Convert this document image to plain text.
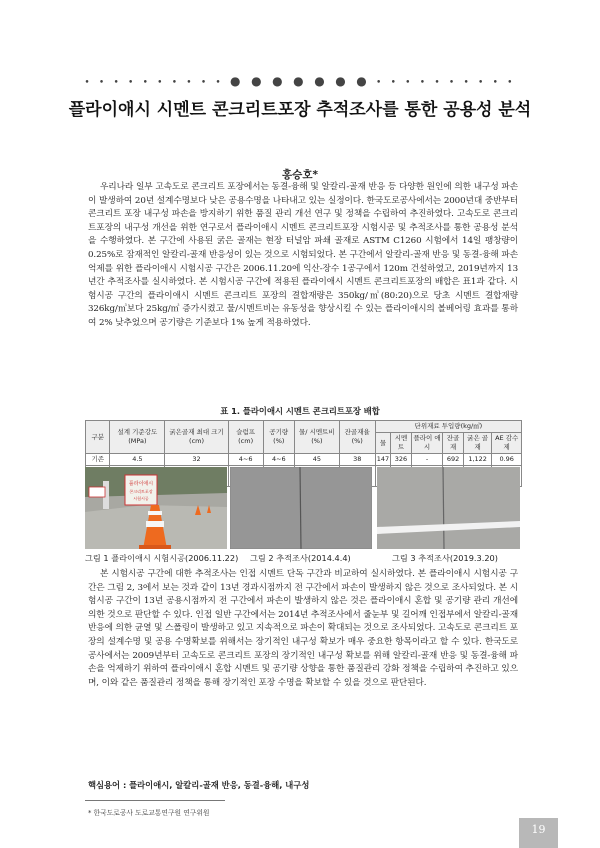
• • • • • • • • • • ● ● ● ● ● ● ● • • • • • • • • • •
플라이애시 시멘트 콘크리트포장 추적조사를 통한 공용성 분석
홍승호*

우리나라 일부 고속도로 콘크리트 포장에서는 동결-융해 및 알칼리-골재 반응 등 다양한 원인에 의한 내구성 파손이 발생하여 20년 설계수명보다 낮은 공용수명을 나타내고 있는 실정이다. 한국도로공사에서는 2000년대 중반부터 콘크리트 포장 내구성 파손을 방지하기 위한 품질 관리 개선 연구 및 정책을 수립하여 추진하였다. 고속도로 콘크리트포장의 내구성 개선을 위한 연구로서 플라이애시 시멘트 콘크리트포장 시험시공 및 추적조사를 통한 공용성 분석을 수행하였다. 본 구간에 사용된 굵은 골재는 현장 터널암 파쇄 골재로 ASTM C1260 시험에서 14일 팽창량이 0.25%로 잠재적인 알칼리-골재 반응성이 있는 것으로 시험되었다. 본 구간에서 알칼리-골재 반응 및 동결-융해 파손 억제를 위한 플라이애시 시험시공 구간은 2006.11.20에 익산-장수 1공구에서 120m 건설하였고, 2019년까지 13년간 추적조사를 실시하였다. 본 시험시공 구간에 적용된 플라이애시 시멘트 콘크리트포장의 배합은 표1과 같다. 시험시공 구간의 플라이애시 시멘트 콘크리트 포장의 결합재량은 350kg/㎥(80:20)으로 당초 시멘트 결합재량 326kg/㎥보다 25kg/㎥ 증가시켰고 물/시멘트비는 유동성을 향상시킬 수 있는 플라이애시의 볼베어링 효과를 통하여 2% 낮추었으며 공기량은 기준보다 1% 높게 적용하였다.

표 1. 플라이애시 시멘트 콘크리트포장 배합
구분	설계 기준강도 (MPa)	굵은골재 최대 크기 (cm)	슬럼프 (cm)	공기량 (%)	물/ 시멘트비 (%)	잔골재율 (%)	단위재료 투입량(kg/㎥)					
							물	시멘트	플라이 애시	잔골재	굵은 골재	AE 감수제
기존	4.5	32	4~6	4~6	45	38	147	326	-	692	1,122	0.96

플라이애시
콘크리트포장
시험시공
그림 1 플라이애시 시험시공(2006.11.22) 그림 2 추적조사(2014.4.4)	그림 3 추적조사(2019.3.20)

본 시험시공 구간에 대한 추적조사는 인접 시멘트 단독 구간과 비교하여 실시하였다. 본 플라이애시 시험시공 구간은 그림 2, 3에서 보는 것과 같이 13년 경과시점까지 전 구간에서 파손이 발생하지 않은 것으로 조사되었다. 본 시험시공 구간이 13년 공용시점까지 전 구간에서 파손이 발생하지 않은 것은 플라이애시 혼합 및 공기량 관리 개선에 의한 것으로 판단할 수 있다. 인접 일반 구간에서는 2014년 추적조사에서 줄눈부 및 길어깨 인접부에서 알칼리-골재 반응에 의한 균열 및 스폴링이 발생하고 있고 지속적으로 파손이 확대되는 것으로 조사되었다. 고속도로 콘크리트 포장의 설계수명 및 공용 수명확보를 위해서는 장기적인 내구성 확보가 매우 중요한 항목이라고 할 수 있다. 한국도로공사에서는 2009년부터 고속도로 콘크리트 포장의 장기적인 내구성 확보를 위해 알칼리-골재 반응 및 동결-융해 파손을 억제하기 위하여 플라이애시 혼합 시멘트 및 공기량 상향을 통한 품질관리 강화 정책을 수립하여 추진하고 있으며, 이와 같은 품질관리 정책을 통해 장기적인 포장 수명을 확보할 수 있을 것으로 판단된다.

핵심용어 : 플라이애시, 알칼리-골재 반응, 동결-융해, 내구성
* 한국도로공사 도로교통연구원 연구위원
19
